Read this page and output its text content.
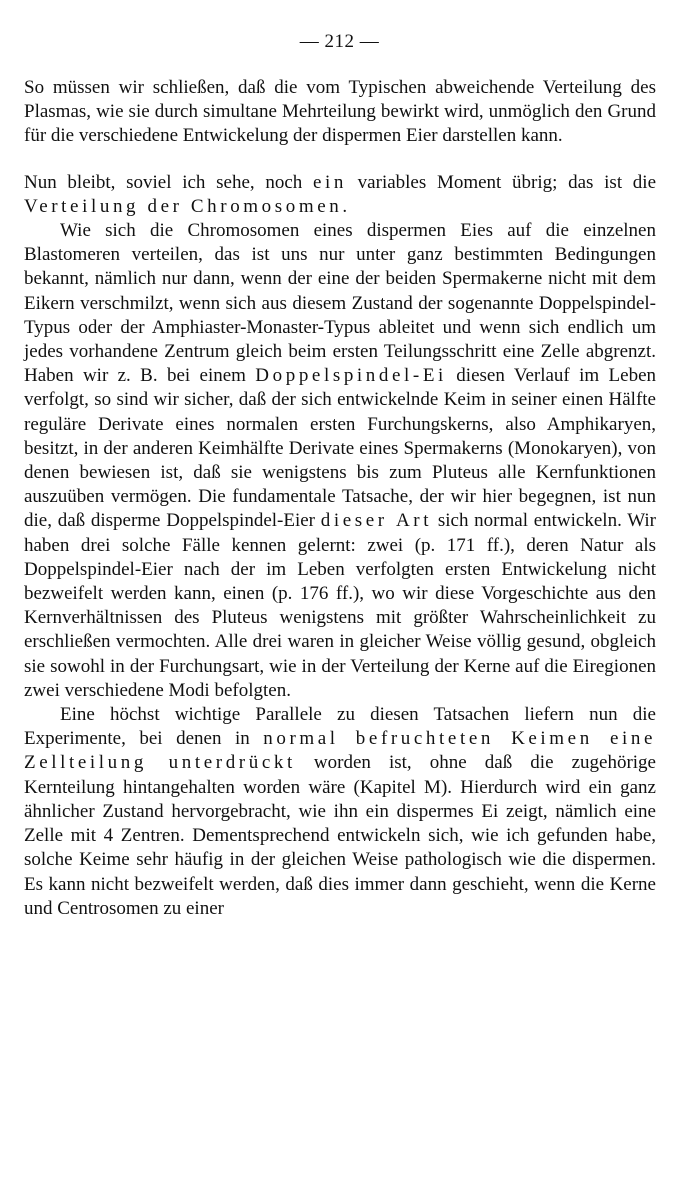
— 212 —

So müssen wir schließen, daß die vom Typischen abweichende Verteilung des Plasmas, wie sie durch simultane Mehrteilung bewirkt wird, unmöglich den Grund für die verschiedene Entwickelung der dispermen Eier darstellen kann.

Nun bleibt, soviel ich sehe, noch ein variables Moment übrig; das ist die Verteilung der Chromosomen.

Wie sich die Chromosomen eines dispermen Eies auf die einzelnen Blastomeren verteilen, das ist uns nur unter ganz bestimmten Bedingungen bekannt, nämlich nur dann, wenn der eine der beiden Spermakerne nicht mit dem Eikern verschmilzt, wenn sich aus diesem Zustand der sogenannte Doppelspindel-Typus oder der Amphiaster-Monaster-Typus ableitet und wenn sich endlich um jedes vorhandene Zentrum gleich beim ersten Teilungsschritt eine Zelle abgrenzt. Haben wir z. B. bei einem Doppelspindel-Ei diesen Verlauf im Leben verfolgt, so sind wir sicher, daß der sich entwickelnde Keim in seiner einen Hälfte reguläre Derivate eines normalen ersten Furchungskerns, also Amphikaryen, besitzt, in der anderen Keimhälfte Derivate eines Spermakerns (Monokaryen), von denen bewiesen ist, daß sie wenigstens bis zum Pluteus alle Kernfunktionen auszuüben vermögen. Die fundamentale Tatsache, der wir hier begegnen, ist nun die, daß disperme Doppelspindel-Eier dieser Art sich normal entwickeln. Wir haben drei solche Fälle kennen gelernt: zwei (p. 171 ff.), deren Natur als Doppelspindel-Eier nach der im Leben verfolgten ersten Entwickelung nicht bezweifelt werden kann, einen (p. 176 ff.), wo wir diese Vorgeschichte aus den Kernverhältnissen des Pluteus wenigstens mit größter Wahrscheinlichkeit zu erschließen vermochten. Alle drei waren in gleicher Weise völlig gesund, obgleich sie sowohl in der Furchungsart, wie in der Verteilung der Kerne auf die Eiregionen zwei verschiedene Modi befolgten.

Eine höchst wichtige Parallele zu diesen Tatsachen liefern nun die Experimente, bei denen in normal befruchteten Keimen eine Zellteilung unterdrückt worden ist, ohne daß die zugehörige Kernteilung hintangehalten worden wäre (Kapitel M). Hierdurch wird ein ganz ähnlicher Zustand hervorgebracht, wie ihn ein dispermes Ei zeigt, nämlich eine Zelle mit 4 Zentren. Dementsprechend entwickeln sich, wie ich gefunden habe, solche Keime sehr häufig in der gleichen Weise pathologisch wie die dispermen. Es kann nicht bezweifelt werden, daß dies immer dann geschieht, wenn die Kerne und Centrosomen zu einer
